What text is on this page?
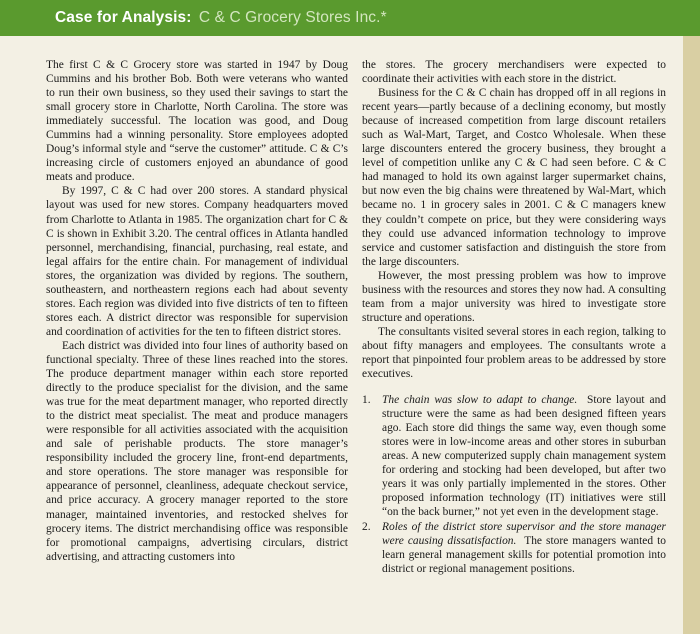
Case for Analysis: C & C Grocery Stores Inc.*

The first C & C Grocery store was started in 1947 by Doug Cummins and his brother Bob. Both were veterans who wanted to run their own business, so they used their savings to start the small grocery store in Charlotte, North Carolina. The store was immediately successful. The location was good, and Doug Cummins had a winning personality. Store employees adopted Doug’s informal style and “serve the customer” attitude. C & C’s increasing circle of customers enjoyed an abundance of good meats and produce.

By 1997, C & C had over 200 stores. A standard physical layout was used for new stores. Company headquarters moved from Charlotte to Atlanta in 1985. The organization chart for C & C is shown in Exhibit 3.20. The central offices in Atlanta handled personnel, merchandising, financial, purchasing, real estate, and legal affairs for the entire chain. For management of individual stores, the organization was divided by regions. The southern, southeastern, and northeastern regions each had about seventy stores. Each region was divided into five districts of ten to fifteen stores each. A district director was responsible for supervision and coordination of activities for the ten to fifteen district stores.

Each district was divided into four lines of authority based on functional specialty. Three of these lines reached into the stores. The produce department manager within each store reported directly to the produce specialist for the division, and the same was true for the meat department manager, who reported directly to the district meat specialist. The meat and produce managers were responsible for all activities associated with the acquisition and sale of perishable products. The store manager’s responsibility included the grocery line, front-end departments, and store operations. The store manager was responsible for appearance of personnel, cleanliness, adequate checkout service, and price accuracy. A grocery manager reported to the store manager, maintained inventories, and restocked shelves for grocery items. The district merchandising office was responsible for promotional campaigns, advertising circulars, district advertising, and attracting customers into

the stores. The grocery merchandisers were expected to coordinate their activities with each store in the district.

Business for the C & C chain has dropped off in all regions in recent years—partly because of a declining economy, but mostly because of increased competition from large discount retailers such as Wal-Mart, Target, and Costco Wholesale. When these large discounters entered the grocery business, they brought a level of competition unlike any C & C had seen before. C & C had managed to hold its own against larger supermarket chains, but now even the big chains were threatened by Wal-Mart, which became no. 1 in grocery sales in 2001. C & C managers knew they couldn’t compete on price, but they were considering ways they could use advanced information technology to improve service and customer satisfaction and distinguish the store from the large discounters.

However, the most pressing problem was how to improve business with the resources and stores they now had. A consulting team from a major university was hired to investigate store structure and operations.

The consultants visited several stores in each region, talking to about fifty managers and employees. The consultants wrote a report that pinpointed four problem areas to be addressed by store executives.

1. The chain was slow to adapt to change. Store layout and structure were the same as had been designed fifteen years ago. Each store did things the same way, even though some stores were in low-income areas and other stores in suburban areas. A new computerized supply chain management system for ordering and stocking had been developed, but after two years it was only partially implemented in the stores. Other proposed information technology (IT) initiatives were still “on the back burner,” not yet even in the development stage.
2. Roles of the district store supervisor and the store manager were causing dissatisfaction. The store managers wanted to learn general management skills for potential promotion into district or regional management positions.
